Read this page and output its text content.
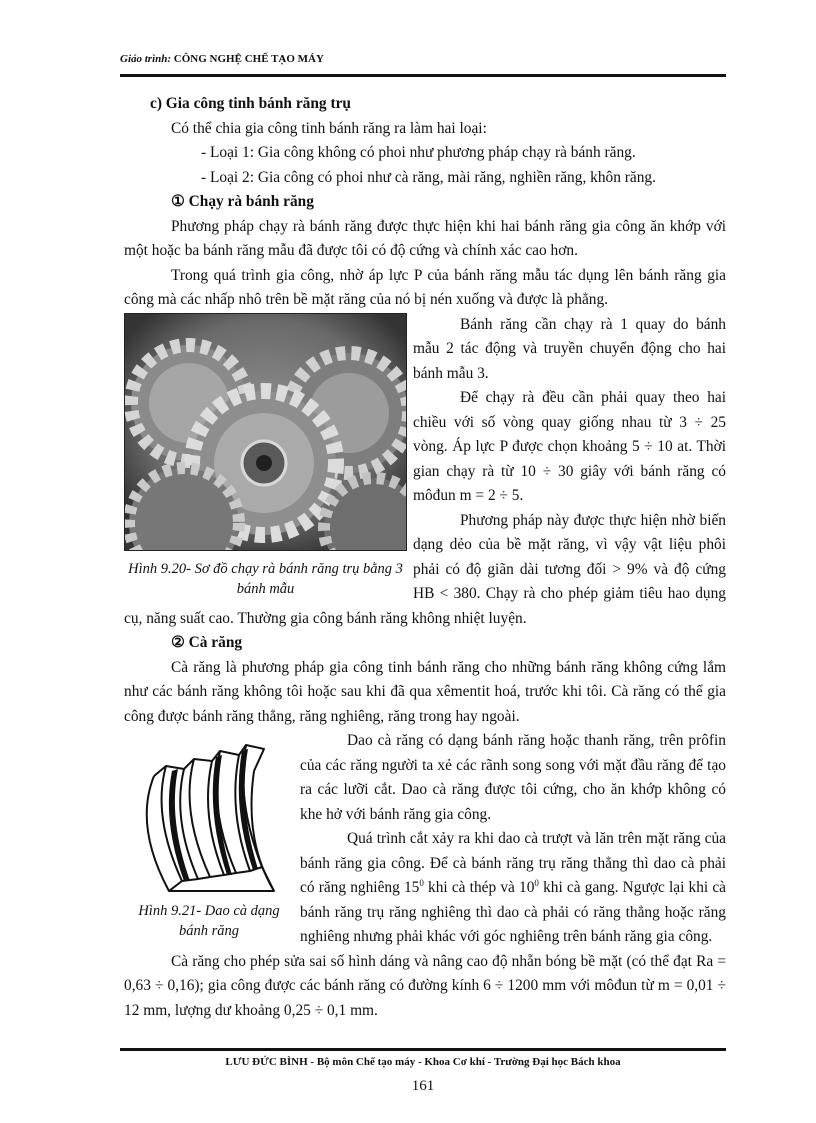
Giáo trình: CÔNG NGHỆ CHẾ TẠO MÁY

c) Gia công tinh bánh răng trụ

Có thể chia gia công tinh bánh răng ra làm hai loại:

- Loại 1: Gia công không có phoi như phương pháp chạy rà bánh răng.

- Loại 2: Gia công có phoi như cà răng, mài răng, nghiền răng, khôn răng.

① Chạy rà bánh răng

Phương pháp chạy rà bánh răng được thực hiện khi hai bánh răng gia công ăn khớp với một hoặc ba bánh răng mẫu đã được tôi có độ cứng và chính xác cao hơn.

Trong quá trình gia công, nhờ áp lực P của bánh răng mẫu tác dụng lên bánh răng gia công mà các nhấp nhô trên bề mặt răng của nó bị nén xuống và được là phẳng.

Hình 9.20- Sơ đồ chạy rà bánh răng trụ bằng 3 bánh mẫu

Bánh răng cần chạy rà 1 quay do bánh mẫu 2 tác động và truyền chuyển động cho hai bánh mẫu 3.

Để chạy rà đều cần phải quay theo hai chiều với số vòng quay giống nhau từ 3 ÷ 25 vòng. Áp lực P được chọn khoảng 5 ÷ 10 at. Thời gian chạy rà từ 10 ÷ 30 giây với bánh răng có môđun m = 2 ÷ 5.

Phương pháp này được thực hiện nhờ biến dạng dẻo của bề mặt răng, vì vậy vật liệu phôi phải có độ giãn dài tương đối > 9% và độ cứng HB < 380. Chạy rà cho phép giảm tiêu hao dụng cụ, năng suất cao. Thường gia công bánh răng không nhiệt luyện.

② Cà răng

Cà răng là phương pháp gia công tinh bánh răng cho những bánh răng không cứng lắm như các bánh răng không tôi hoặc sau khi đã qua xêmentit hoá, trước khi tôi. Cà răng có thể gia công được bánh răng thẳng, răng nghiêng, răng trong hay ngoài.

Hình 9.21- Dao cà dạng bánh răng

Dao cà răng có dạng bánh răng hoặc thanh răng, trên prôfin của các răng người ta xẻ các rãnh song song với mặt đầu răng để tạo ra các lưỡi cắt. Dao cà răng được tôi cứng, cho ăn khớp không có khe hở với bánh răng gia công.

Quá trình cắt xảy ra khi dao cà trượt và lăn trên mặt răng của bánh răng gia công. Để cà bánh răng trụ răng thẳng thì dao cà phải có răng nghiêng $15^0$ khi cà thép và $10^0$ khi cà gang. Ngược lại khi cà bánh răng trụ răng nghiêng thì dao cà phải có răng thẳng hoặc răng nghiêng nhưng phải khác với góc nghiêng trên bánh răng gia công.

Cà răng cho phép sửa sai số hình dáng và nâng cao độ nhẵn bóng bề mặt (có thể đạt Ra = 0,63 ÷ 0,16); gia công được các bánh răng có đường kính 6 ÷ 1200 mm với môđun từ m = 0,01 ÷ 12 mm, lượng dư khoảng 0,25 ÷ 0,1 mm.

LƯU ĐỨC BÌNH - Bộ môn Chế tạo máy - Khoa Cơ khí - Trường Đại học Bách khoa
161
